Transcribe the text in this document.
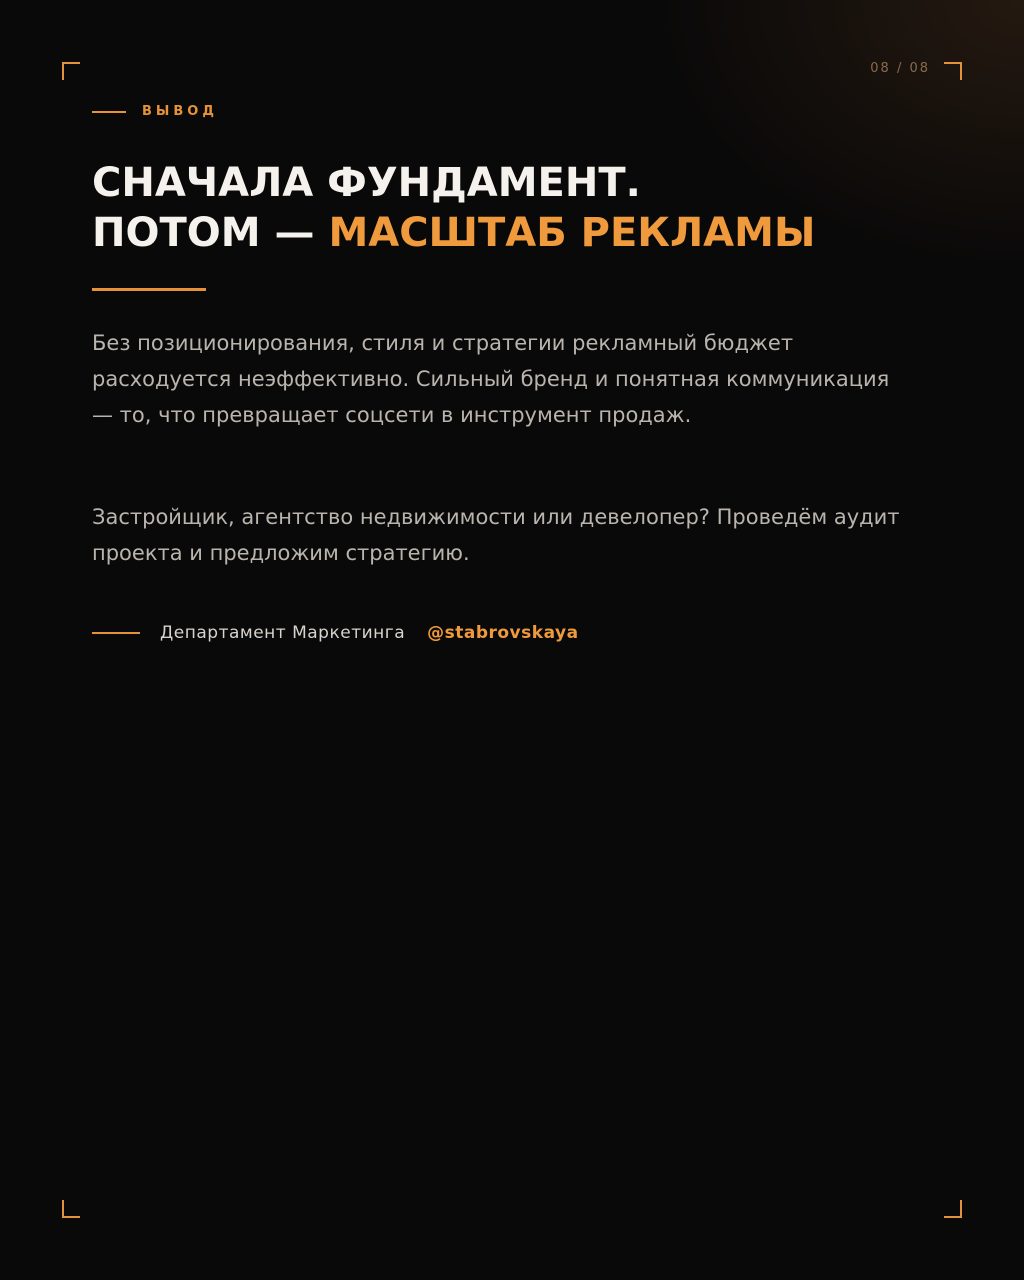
08 / 08
ВЫВОД
СНАЧАЛА ФУНДАМЕНТ.
ПОТОМ — МАСШТАБ РЕКЛАМЫ

Без позиционирования, стиля и стратегии рекламный бюджет расходуется неэффективно. Сильный бренд и понятная коммуникация — то, что превращает соцсети в инструмент продаж.

Застройщик, агентство недвижимости или девелопер? Проведём аудит проекта и предложим стратегию.

Департамент Маркетинга @stabrovskaya
